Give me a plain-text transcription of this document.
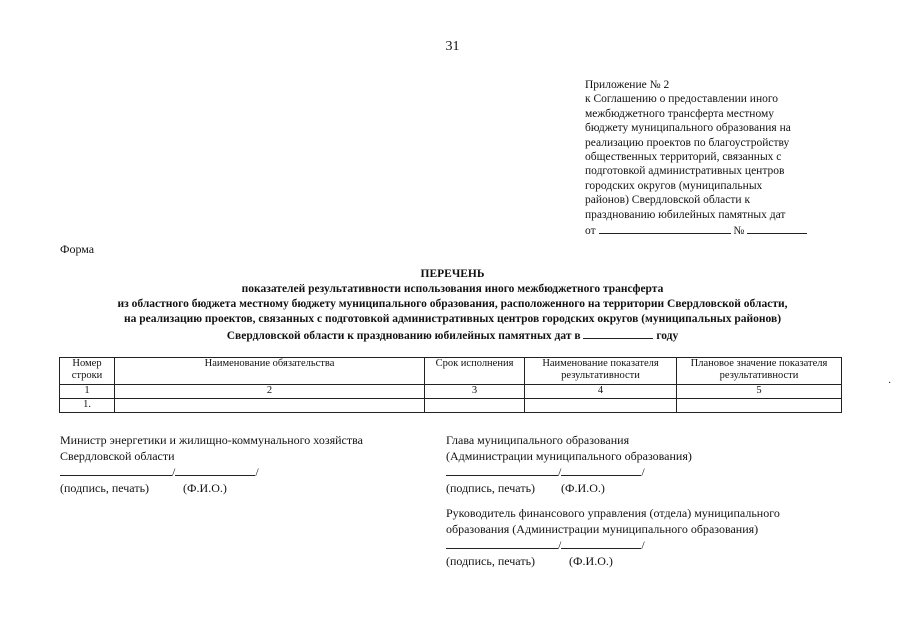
31
Приложение № 2
к Соглашению о предоставлении иного
межбюджетного трансферта местному
бюджету муниципального образования на
реализацию проектов по благоустройству
общественных территорий, связанных с
подготовкой административных центров
городских округов (муниципальных
районов) Свердловской области к
празднованию юбилейных памятных дат
от	№
Форма
ПЕРЕЧЕНЬ
показателей результативности использования иного межбюджетного трансферта
из областного бюджета местному бюджету муниципального образования, расположенного на территории Свердловской области,
на реализацию проектов, связанных с подготовкой административных центров городских округов (муниципальных районов)
Свердловской области к празднованию юбилейных памятных дат в	году
Номер строки	Наименование обязательства	Срок исполнения	Наименование показателя результативности	Плановое значение показателя результативности
1	2	3	4	5
1.				
Министр энергетики и жилищно-коммунального хозяйства
Свердловской области
/	/
(подпись, печать)	(Ф.И.О.)
Глава муниципального образования
(Администрации муниципального образования)
/	/
(подпись, печать) (Ф.И.О.)
Руководитель финансового управления (отдела) муниципального
образования (Администрации муниципального образования)
/	/
(подпись, печать)	(Ф.И.О.)
·
